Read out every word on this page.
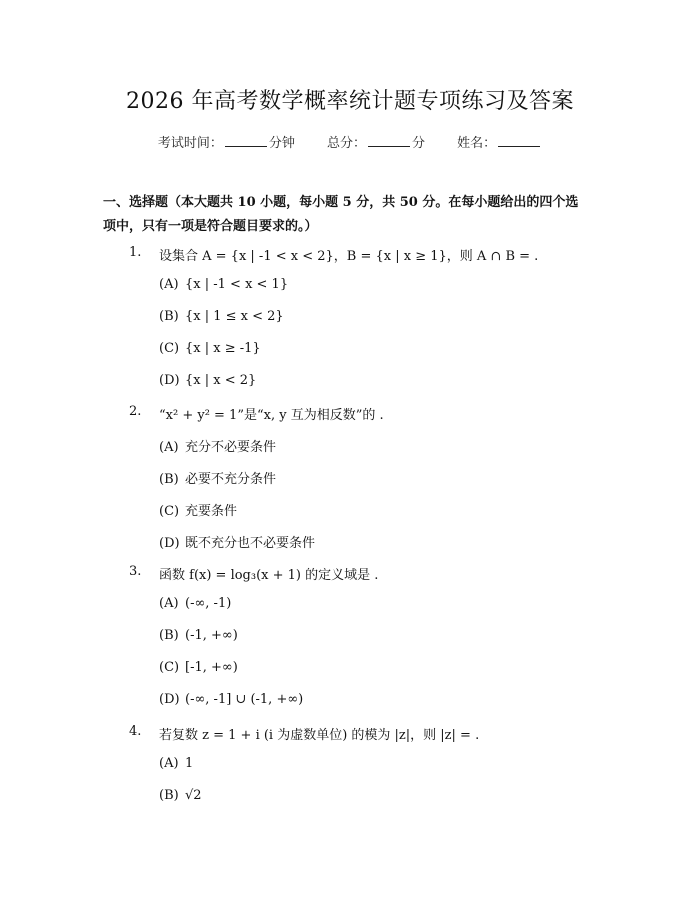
2026 年高考数学概率统计题专项练习及答案
考试时间：	分钟 总分：	分 姓名：
一、选择题（本大题共 10 小题，每小题 5 分，共 50 分。在每小题给出的四个选
项中，只有一项是符合题目要求的。）
1. 设集合 A = {x | -1 < x < 2}，B = {x | x ≥ 1}，则 A ∩ B = .
(A) {x | -1 < x < 1}
(B) {x | 1 ≤ x < 2}
(C) {x | x ≥ -1}
(D) {x | x < 2}
2. “x² + y² = 1”是“x, y 互为相反数”的 .
(A) 充分不必要条件
(B) 必要不充分条件
(C) 充要条件
(D) 既不充分也不必要条件
3. 函数 f(x) = log₃(x + 1) 的定义域是 .
(A) (-∞, -1)
(B) (-1, +∞)
(C) [-1, +∞)
(D) (-∞, -1] ∪ (-1, +∞)
4. 若复数 z = 1 + i (i 为虚数单位) 的模为 |z|，则 |z| = .
(A) 1
(B) √2
